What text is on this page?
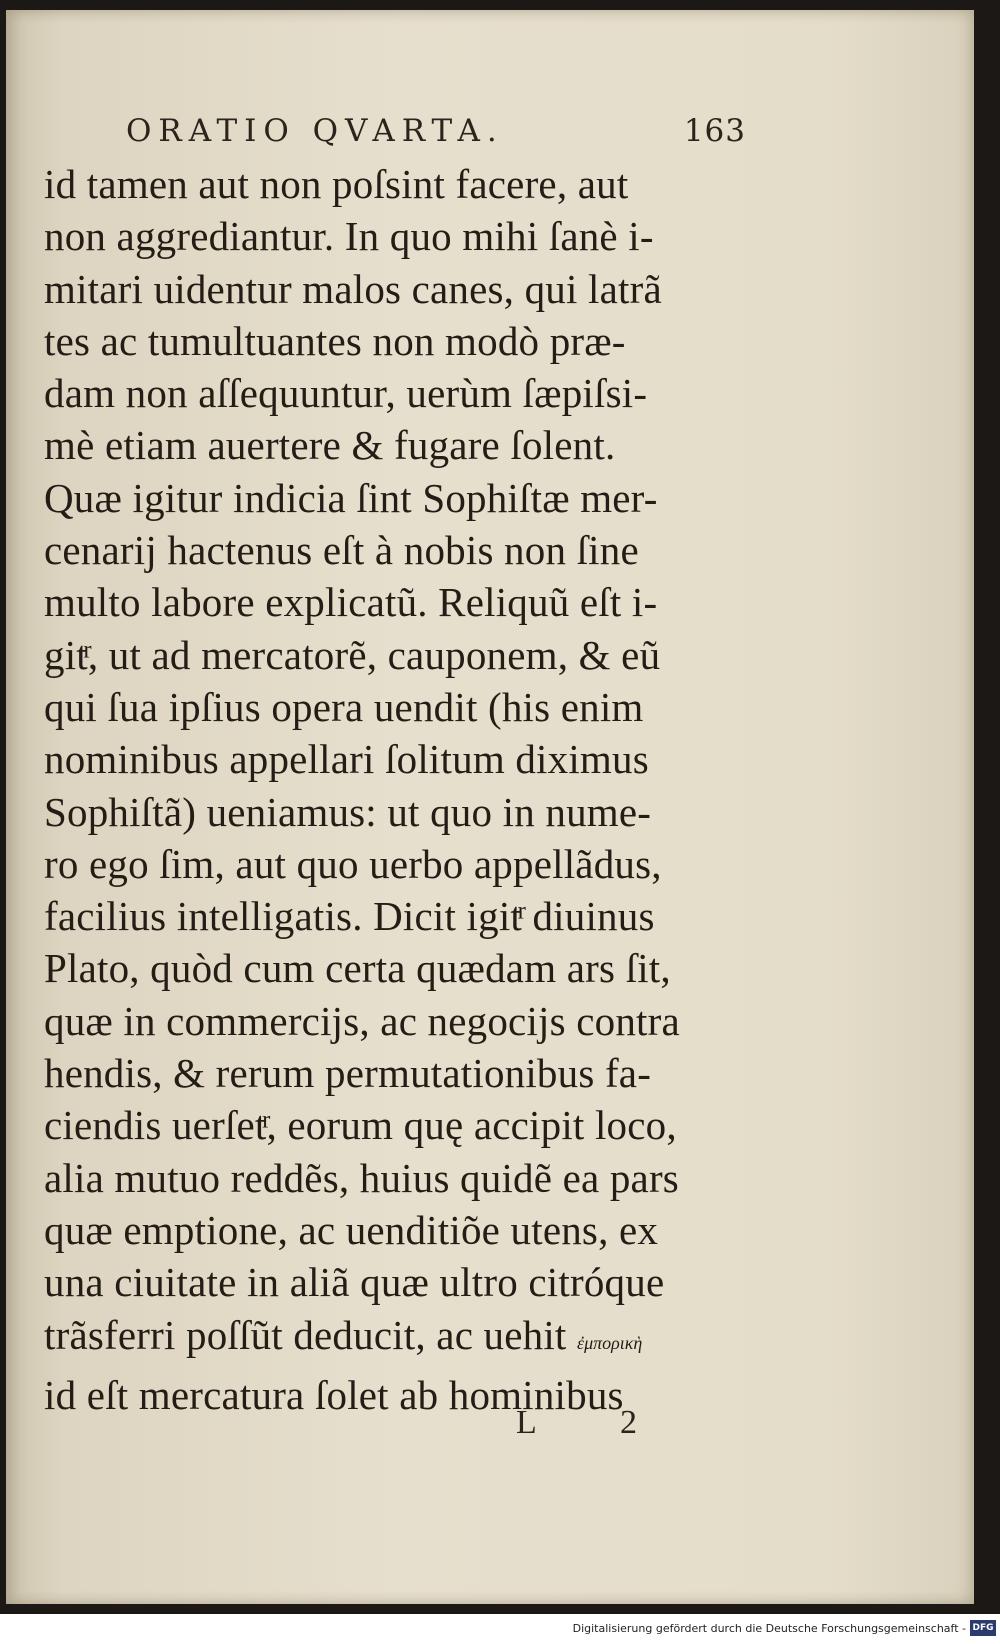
ORATIO QVARTA.	163
id tamen aut non poſsint facere, aut
non aggrediantur. In quo mihi ſanè i-
mitari uidentur malos canes, qui latrã
tes ac tumultuantes non modò præ-
dam non aſſequuntur, uerùm ſæpiſsi-
mè etiam auertere & fugare ſolent.
Quæ igitur indicia ſint Sophiſtæ mer-
cenarij hactenus eſt à nobis non ſine
multo labore explicatũ. Reliquũ eſt i-
gitͬ, ut ad mercatorẽ, cauponem, & eũ
qui ſua ipſius opera uendit (his enim
nominibus appellari ſolitum diximus
Sophiſtã) ueniamus: ut quo in nume-
ro ego ſim, aut quo uerbo appellãdus,
facilius intelligatis. Dicit igitͬ diuinus
Plato, quòd cum certa quædam ars ſit,
quæ in commercijs, ac negocijs contra
hendis, & rerum permutationibus fa-
ciendis uerſetͬ, eorum quę accipit loco,
alia mutuo reddẽs, huius quidẽ ea pars
quæ emptione, ac uenditiõe utens, ex
una ciuitate in aliã quæ ultro citróque
trãsferri poſſũt deducit, ac uehit ἐμπορικὴ
id eſt mercatura ſolet ab hominibus
L 2
Digitalisierung gefördert durch die Deutsche Forschungsgemeinschaft - DFG
